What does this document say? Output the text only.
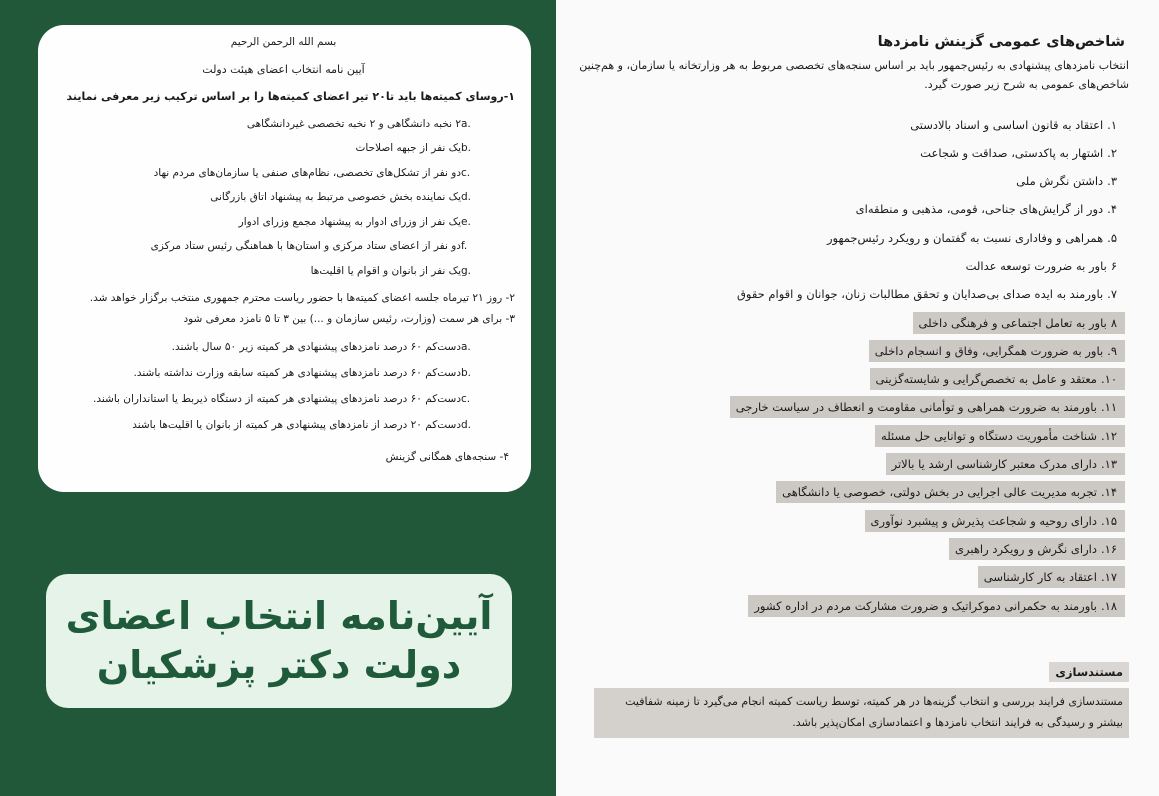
بسم الله الرحمن الرحیم
آیین نامه انتخاب اعضای هیئت دولت
۱-روسای کمیته‌ها باید تا۲۰ تیر اعضای کمیته‌ها را بر اساس ترکیب زیر معرفی نمایند
a.۲ نخبه دانشگاهی و ۲ نخبه تخصصی غیردانشگاهی
b.یک نفر از جبهه اصلاحات
c.دو نفر از تشکل‌های تخصصی، نظام‌های صنفی یا سازمان‌های مردم نهاد
d.یک نماینده بخش خصوصی مرتبط به پیشنهاد اتاق بازرگانی
e.یک نفر از وزرای ادوار به پیشنهاد مجمع وزرای ادوار
f.دو نفر از اعضای ستاد مرکزی و استان‌ها با هماهنگی رئیس ستاد مرکزی
g.یک نفر از بانوان و اقوام یا اقلیت‌ها
۲- روز ۲۱ تیرماه جلسه اعضای کمیته‌ها با حضور ریاست محترم جمهوری منتخب برگزار خواهد شد.
۳- برای هر سمت (وزارت، رئیس سازمان و ...) بین ۳ تا ۵ نامزد معرفی شود
a.دست‌کم ۶۰ درصد نامزدهای پیشنهادی هر کمیته زیر ۵۰ سال باشند.
b.دست‌کم ۶۰ درصد نامزدهای پیشنهادی هر کمیته سابقه وزارت نداشته باشند.
c.دست‌کم ۶۰ درصد نامزدهای پیشنهادی هر کمیته از دستگاه ذیربط یا استانداران باشند.
d.دست‌کم ۲۰ درصد از نامزدهای پیشنهادی هر کمیته از بانوان یا اقلیت‌ها باشند
۴- سنجه‌های همگانی گزینش
آیین‌نامه انتخاب اعضای
دولت دکتر پزشکیان
شاخص‌های عمومی گزینش نامزدها
انتخاب نامزدهای پیشنهادی به رئیس‌جمهور باید بر اساس سنجه‌های تخصصی مربوط به هر وزارتخانه یا سازمان، و هم‌چنین شاخص‌های عمومی به شرح زیر صورت گیرد.
۱.اعتقاد به قانون اساسی و اسناد بالادستی
۲.اشتهار به پاکدستی، صداقت و شجاعت
۳.داشتن نگرش ملی
۴.دور از گرایش‌های جناحی، قومی، مذهبی و منطقه‌ای
۵.همراهی و وفاداری نسبت به گفتمان و رویکرد رئیس‌جمهور
۶باور به ضرورت توسعه عدالت
۷.باورمند به ایده صدای بی‌صدایان و تحقق مطالبات زنان، جوانان و اقوام حقوق
۸باور به تعامل اجتماعی و فرهنگی داخلی
۹.باور به ضرورت همگرایی، وفاق و انسجام داخلی
۱۰.معتقد و عامل به تخصص‌گرایی و شایسته‌گزینی
۱۱.باورمند به ضرورت همراهی و توأمانی مقاومت و انعطاف در سیاست خارجی
۱۲.شناخت مأموریت دستگاه و توانایی حل مسئله
۱۳.دارای مدرک معتبر کارشناسی ارشد یا بالاتر
۱۴.تجربه مدیریت عالی اجرایی در بخش دولتی، خصوصی یا دانشگاهی
۱۵.دارای روحیه و شجاعت پذیرش و پیشبرد نوآوری
۱۶.دارای نگرش و رویکرد راهبری
۱۷.اعتقاد به کار کارشناسی
۱۸.باورمند به حکمرانی دموکراتیک و ضرورت مشارکت مردم در اداره کشور
مستندسازی
مستندسازی فرایند بررسی و انتخاب گزینه‌ها در هر کمیته، توسط ریاست کمیته انجام می‌گیرد تا زمینه شفافیت بیشتر و رسیدگی به فرایند انتخاب نامزدها و اعتمادسازی امکان‌پذیر باشد.
